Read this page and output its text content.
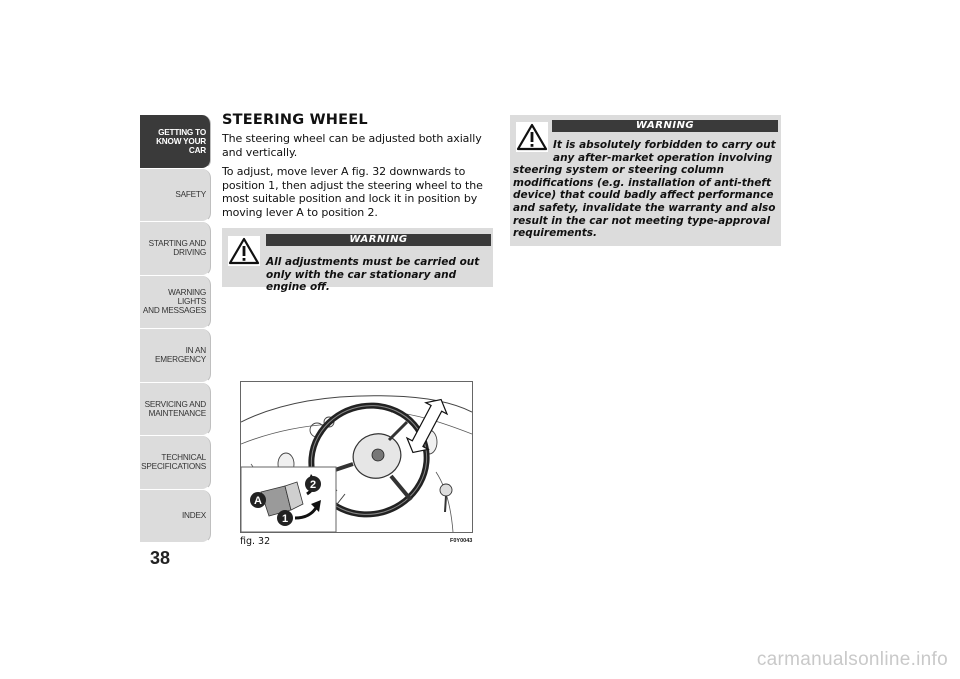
STEERING WHEEL

The steering wheel can be adjusted both axially and vertically.

To adjust, move lever A fig. 32 downwards to position 1, then adjust the steering wheel to the most suitable position and lock it in position by moving lever A to position 2.

WARNING
All adjustments must be carried out only with the car stationary and engine off.
WARNING
It is absolutely forbidden to carry out any after-market operation involving
steering system or steering column modifications (e.g. installation of anti-theft device) that could badly affect performance and safety, invalidate the warranty and also result in the car not meeting type-approval requirements.
A
1
2
fig. 32	F0Y0043
GETTING TO
KNOW YOUR CAR
SAFETY
STARTING AND
DRIVING
WARNING LIGHTS
AND MESSAGES
IN AN EMERGENCY
SERVICING AND
MAINTENANCE
TECHNICAL
SPECIFICATIONS
INDEX
38
carmanualsonline.info
